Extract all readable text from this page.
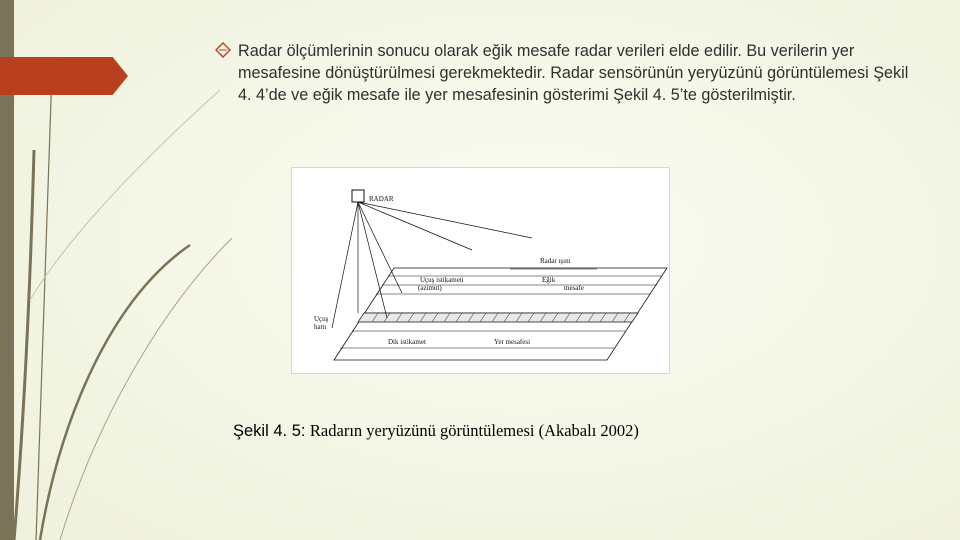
Radar ölçümlerinin sonucu olarak eğik mesafe radar verileri elde edilir. Bu verilerin yer mesafesine dönüştürülmesi gerekmektedir. Radar sensörünün yeryüzünü görüntülemesi Şekil 4. 4’de ve eğik mesafe ile yer mesafesinin gösterimi Şekil 4. 5’te gösterilmiştir.
RADAR
Radar ışını
Uçuş istikameti
(azimut)
Eğik
mesafe
Uçuş
hattı
Dik istikamet	Yer mesafesi
Şekil 4. 5: Radarın yeryüzünü görüntülemesi (Akabalı 2002)
